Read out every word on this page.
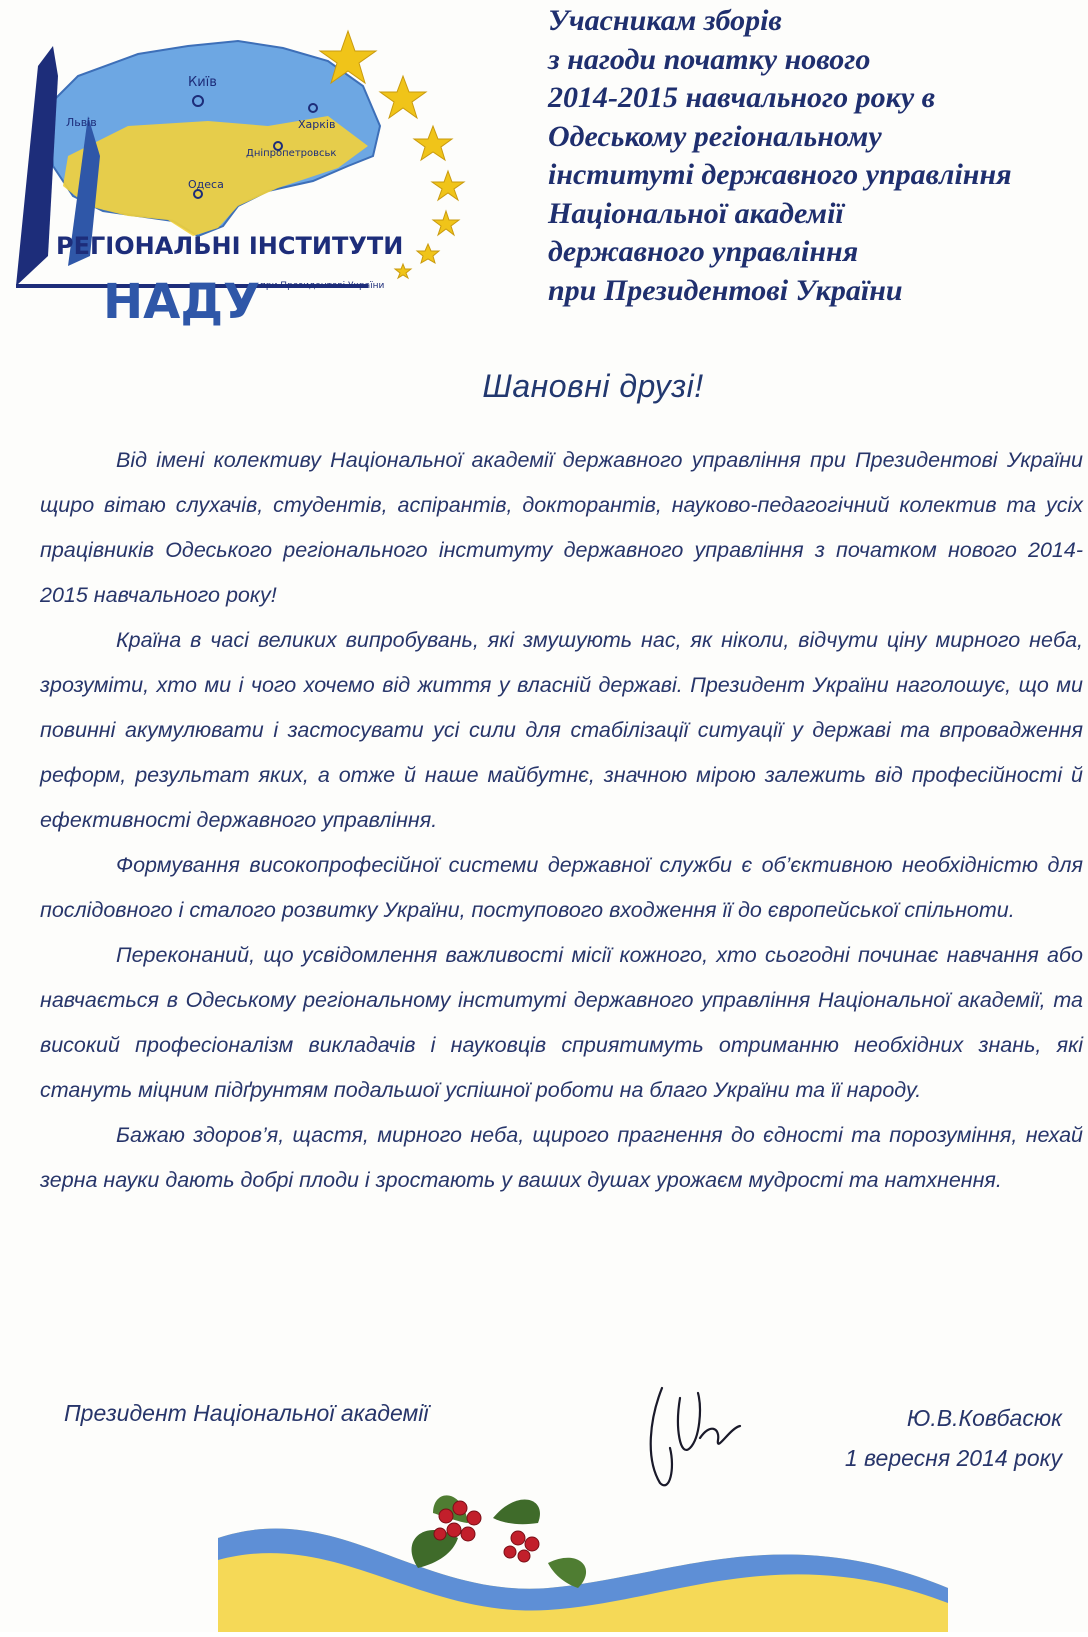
Київ
Львів	Харків
Дніпропетровськ
Одеса
РЕГІОНАЛЬНІ ІНСТИТУТИ
НАДУ при Президентові України
Учасникам зборів
з нагоди початку нового
2014-2015 навчального року в
Одеському регіональному
інституті державного управління
Національної академії
державного управління
при Президентові України
Шановні друзі!

Від імені колективу Національної академії державного управління при Президентові України щиро вітаю слухачів, студентів, аспірантів, докторантів, науково-педагогічний колектив та усіх працівників Одеського регіонального інституту державного управління з початком нового 2014-2015 навчального року!

Країна в часі великих випробувань, які змушують нас, як ніколи, відчути ціну мирного неба, зрозуміти, хто ми і чого хочемо від життя у власній державі. Президент України наголошує, що ми повинні акумулювати і застосувати усі сили для стабілізації ситуації у державі та впровадження реформ, результат яких, а отже й наше майбутнє, значною мірою залежить від професійності й ефективності державного управління.

Формування високопрофесійної системи державної служби є об’єктивною необхідністю для послідовного і сталого розвитку України, поступового входження її до європейської спільноти.

Переконаний, що усвідомлення важливості місії кожного, хто сьогодні починає навчання або навчається в Одеському регіональному інституті державного управління Національної академії, та високий професіоналізм викладачів і науковців сприятимуть отриманню необхідних знань, які стануть міцним підґрунтям подальшої успішної роботи на благо України та її народу.

Бажаю здоров’я, щастя, мирного неба, щирого прагнення до єдності та порозуміння, нехай зерна науки дають добрі плоди і зростають у ваших душах урожаєм мудрості та натхнення.

Президент Національної академії	Ю.В.Ковбасюк
1 вересня 2014 року
